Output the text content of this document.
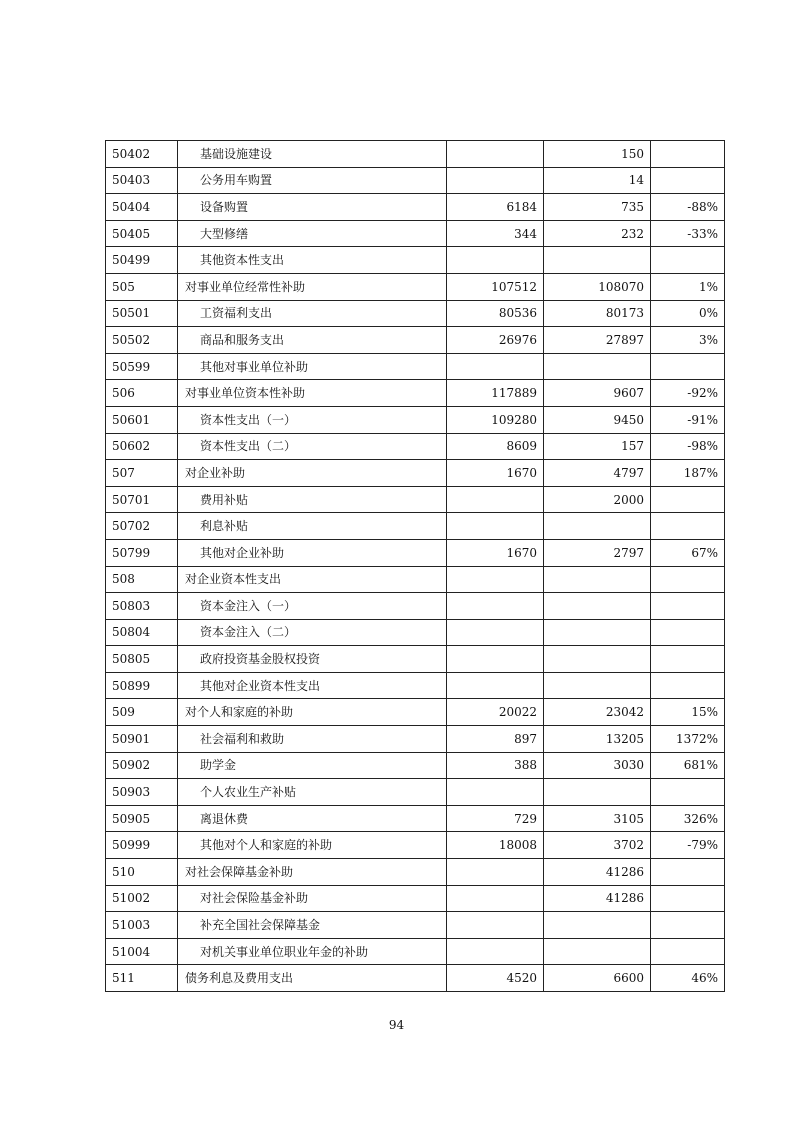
50402	基础设施建设		150	
50403	公务用车购置		14	
50404	设备购置	6184	735	-88%
50405	大型修缮	344	232	-33%
50499	其他资本性支出			
505	对事业单位经常性补助	107512	108070	1%
50501	工资福利支出	80536	80173	0%
50502	商品和服务支出	26976	27897	3%
50599	其他对事业单位补助			
506	对事业单位资本性补助	117889	9607	-92%
50601	资本性支出（一）	109280	9450	-91%
50602	资本性支出（二）	8609	157	-98%
507	对企业补助	1670	4797	187%
50701	费用补贴		2000	
50702	利息补贴			
50799	其他对企业补助	1670	2797	67%
508	对企业资本性支出			
50803	资本金注入（一）			
50804	资本金注入（二）			
50805	政府投资基金股权投资			
50899	其他对企业资本性支出			
509	对个人和家庭的补助	20022	23042	15%
50901	社会福利和救助	897	13205	1372%
50902	助学金	388	3030	681%
50903	个人农业生产补贴			
50905	离退休费	729	3105	326%
50999	其他对个人和家庭的补助	18008	3702	-79%
510	对社会保障基金补助		41286	
51002	对社会保险基金补助		41286	
51003	补充全国社会保障基金			
51004	对机关事业单位职业年金的补助			
511	债务利息及费用支出	4520	6600	46%
94
